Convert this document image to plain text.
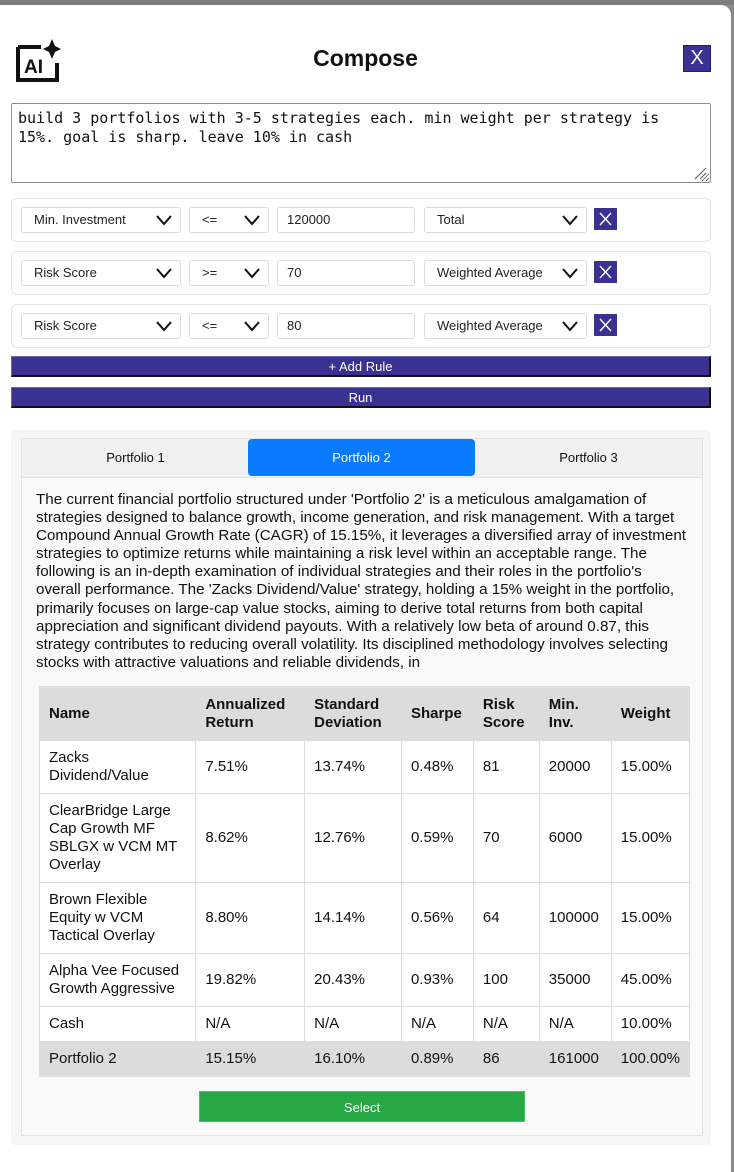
AI	Compose	X
build 3 portfolios with 3-5 strategies each. min weight per strategy is 15%. goal is sharp. leave 10% in cash
Min. Investment	<=	120000	Total
Risk Score	>=	70	Weighted Average
Risk Score	<=	80	Weighted Average
+ Add Rule
Run
Portfolio 1	Portfolio 2	Portfolio 3
The current financial portfolio structured under 'Portfolio 2' is a meticulous amalgamation of strategies designed to balance growth, income generation, and risk management. With a target Compound Annual Growth Rate (CAGR) of 15.15%, it leverages a diversified array of investment strategies to optimize returns while maintaining a risk level within an acceptable range. The following is an in-depth examination of individual strategies and their roles in the portfolio's overall performance. The 'Zacks Dividend/Value' strategy, holding a 15% weight in the portfolio, primarily focuses on large-cap value stocks, aiming to derive total returns from both capital appreciation and significant dividend payouts. With a relatively low beta of around 0.87, this strategy contributes to reducing overall volatility. Its disciplined methodology involves selecting stocks with attractive valuations and reliable dividends, in
Name	Annualized Return	Standard Deviation	Sharpe	Risk Score	Min. Inv.	Weight
Zacks Dividend/Value	7.51%	13.74%	0.48%	81	20000	15.00%
ClearBridge Large Cap Growth MF SBLGX w VCM MT Overlay	8.62%	12.76%	0.59%	70	6000	15.00%
Brown Flexible Equity w VCM Tactical Overlay	8.80%	14.14%	0.56%	64	100000	15.00%
Alpha Vee Focused Growth Aggressive	19.82%	20.43%	0.93%	100	35000	45.00%
Cash	N/A	N/A	N/A	N/A	N/A	10.00%
Portfolio 2	15.15%	16.10%	0.89%	86	161000	100.00%
Select
